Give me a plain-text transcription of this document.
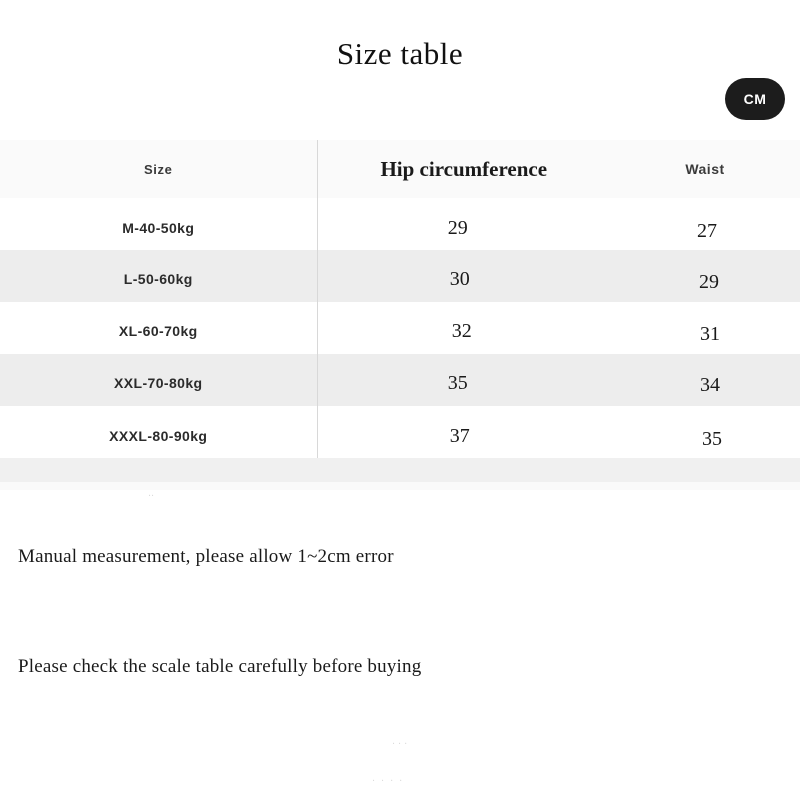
Size table
CM
Size	Hip circumference	Waist
M-40-50kg	29	27
L-50-60kg	30	29
XL-60-70kg	32	31
XXL-70-80kg	35	34
XXXL-80-90kg	37	35
..
Manual measurement, please allow 1~2cm error
Please check the scale table carefully before buying
...
....
